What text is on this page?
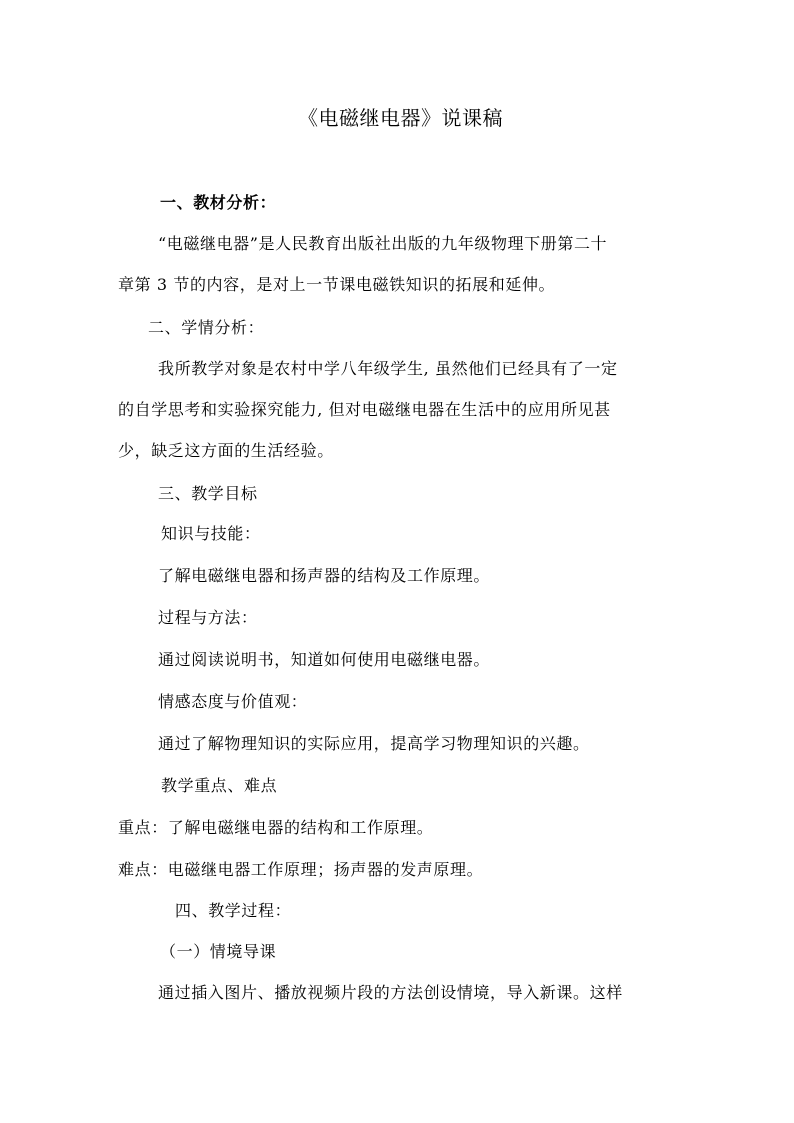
《电磁继电器》说课稿
一、教材分析：
“电磁继电器”是人民教育出版社出版的九年级物理下册第二十
章第 3 节的内容，是对上一节课电磁铁知识的拓展和延伸。
二、学情分析：
我所教学对象是农村中学八年级学生, 虽然他们已经具有了一定
的自学思考和实验探究能力, 但对电磁继电器在生活中的应用所见甚
少，缺乏这方面的生活经验。
三、教学目标
知识与技能：
了解电磁继电器和扬声器的结构及工作原理。
过程与方法：
通过阅读说明书，知道如何使用电磁继电器。
情感态度与价值观：
通过了解物理知识的实际应用，提高学习物理知识的兴趣。
教学重点、难点
重点：了解电磁继电器的结构和工作原理。
难点：电磁继电器工作原理；扬声器的发声原理。
四、教学过程：
（一）情境导课
通过插入图片、播放视频片段的方法创设情境，导入新课。这样
